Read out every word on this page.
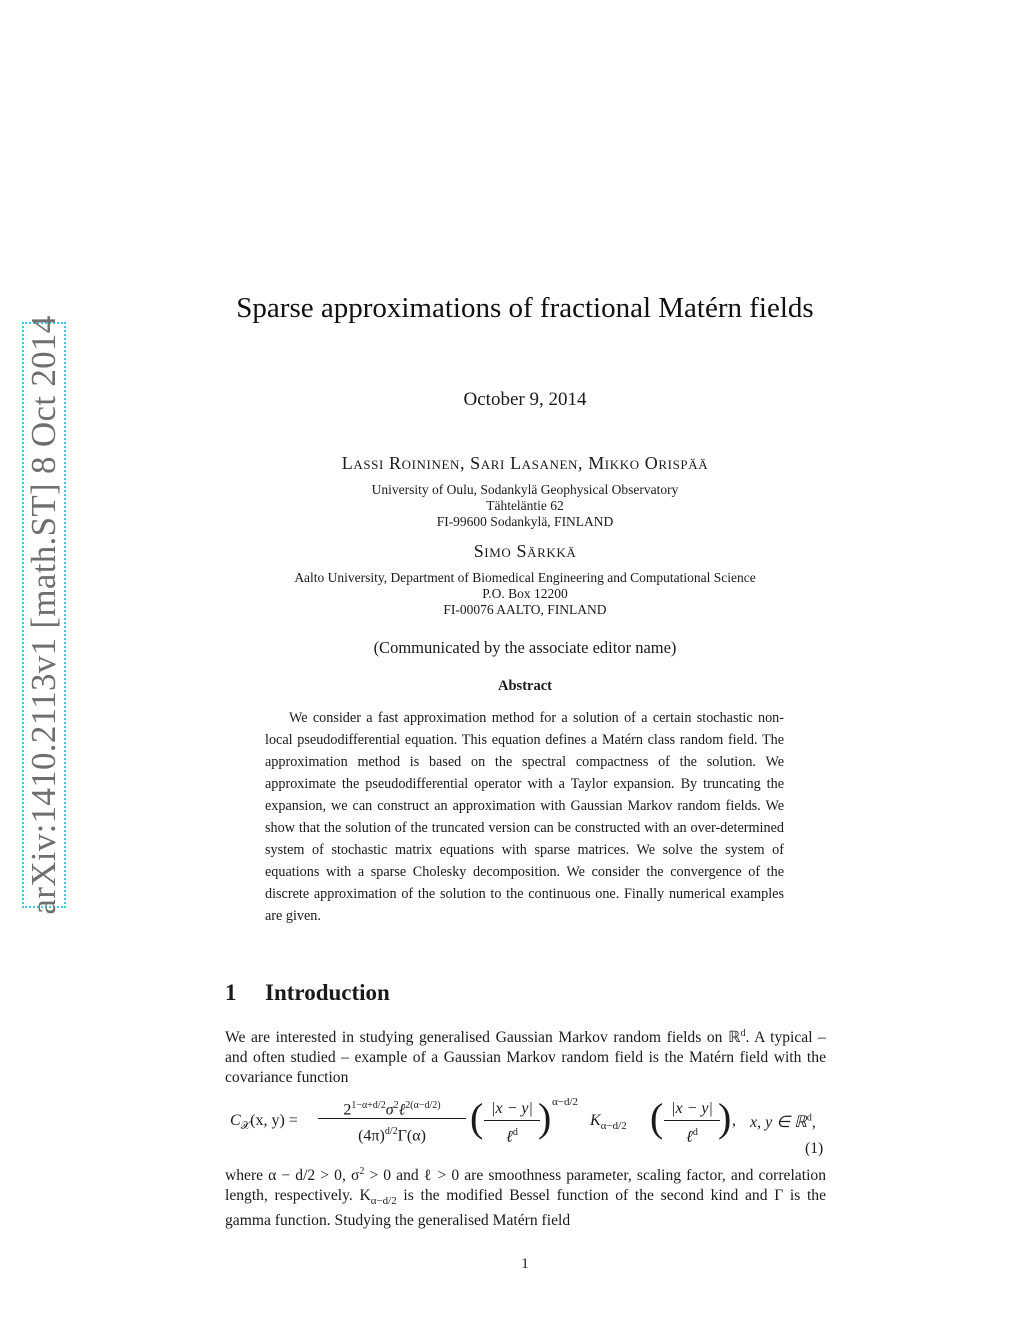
arXiv:1410.2113v1 [math.ST] 8 Oct 2014
Sparse approximations of fractional Matérn fields
October 9, 2014
Lassi Roininen, Sari Lasanen, Mikko Orispää
University of Oulu, Sodankylä Geophysical Observatory
Tähteläntie 62
FI-99600 Sodankylä, FINLAND
Simo Särkkä
Aalto University, Department of Biomedical Engineering and Computational Science
P.O. Box 12200
FI-00076 AALTO, FINLAND
(Communicated by the associate editor name)
Abstract
We consider a fast approximation method for a solution of a certain stochastic non-local pseudodifferential equation. This equation defines a Matérn class random field. The approximation method is based on the spectral compactness of the solution. We approximate the pseudodifferential operator with a Taylor expansion. By truncating the expansion, we can construct an approximation with Gaussian Markov random fields. We show that the solution of the truncated version can be constructed with an over-determined system of stochastic matrix equations with sparse matrices. We solve the system of equations with a sparse Cholesky decomposition. We consider the convergence of the discrete approximation of the solution to the continuous one. Finally numerical examples are given.
1 Introduction
We are interested in studying generalised Gaussian Markov random fields on ℝ$^d$. A typical – and often studied – example of a Gaussian Markov random field is the Matérn field with the covariance function
$C_𝒳(x$, y) =
$2^{1-\alpha+d/2}\sigma^2\ell^{2(\alpha-d/2)}$
$(4\pi)^{d/2}\Gamma(\alpha)$	( |x − y|
ℓ$^d$ ) α−d/2
$K_{\alpha-d/2}$ ( |x − y|
ℓ$^d$ ) , x, y ∈ ℝ$^d$,
(1)
where α − d/2 > 0, $\sigma^2 > 0$ and ℓ > 0 are smoothness parameter, scaling factor, and correlation length, respectively. $K_{\alpha-d/2}$ is the modified Bessel function of the second kind and Γ is the gamma function. Studying the generalised Matérn field
1
